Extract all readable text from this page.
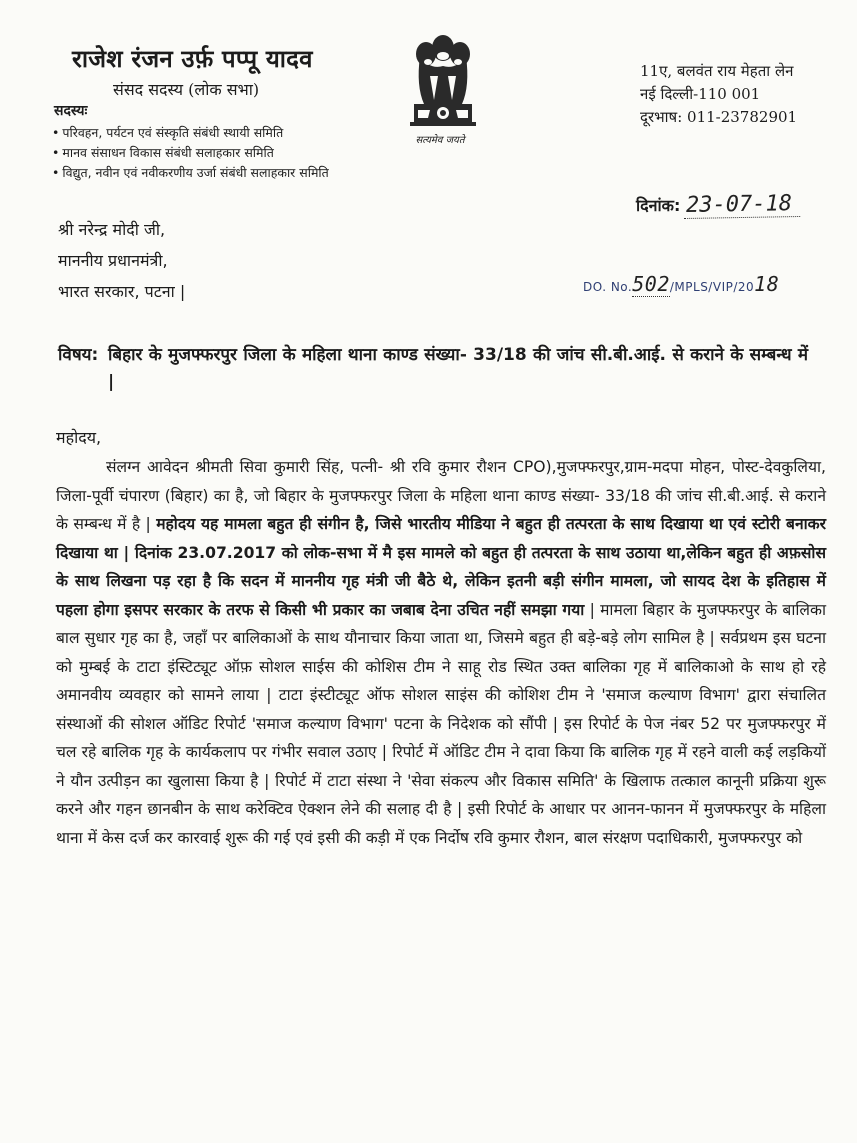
राजेश रंजन उर्फ़ पप्पू यादव
संसद सदस्य (लोक सभा)
सदस्यः
• परिवहन, पर्यटन एवं संस्कृति संबंधी स्थायी समिति
• मानव संसाधन विकास संबंधी सलाहकार समिति
• विद्युत, नवीन एवं नवीकरणीय उर्जा संबंधी सलाहकार समिति
सत्यमेव जयते
11ए, बलवंत राय मेहता लेन
नई दिल्ली-110 001
दूरभाष: 011-23782901
दिनांक: 23-07-18
श्री नरेन्द्र मोदी जी,
माननीय प्रधानमंत्री,
भारत सरकार, पटना |	DO. No.502/MPLS/VIP/2018
विषय: बिहार के मुजफ्फरपुर जिला के महिला थाना काण्ड संख्या- 33/18 की जांच सी.बी.आई. से कराने के सम्बन्ध में |
महोदय,

संलग्न आवेदन श्रीमती सिवा कुमारी सिंह, पत्नी- श्री रवि कुमार रौशन CPO),मुजफ्फरपुर,ग्राम-मदपा मोहन, पोस्ट-देवकुलिया, जिला-पूर्वी चंपारण (बिहार) का है, जो बिहार के मुजफ्फरपुर जिला के महिला थाना काण्ड संख्या- 33/18 की जांच सी.बी.आई. से कराने के सम्बन्ध में है | महोदय यह मामला बहुत ही संगीन है, जिसे भारतीय मीडिया ने बहुत ही तत्परता के साथ दिखाया था एवं स्टोरी बनाकर दिखाया था | दिनांक 23.07.2017 को लोक-सभा में मै इस मामले को बहुत ही तत्परता के साथ उठाया था,लेकिन बहुत ही अफ़सोस के साथ लिखना पड़ रहा है कि सदन में माननीय गृह मंत्री जी बैठे थे, लेकिन इतनी बड़ी संगीन मामला, जो सायद देश के इतिहास में पहला होगा इसपर सरकार के तरफ से किसी भी प्रकार का जबाब देना उचित नहीं समझा गया | मामला बिहार के मुजफ्फरपुर के बालिका बाल सुधार गृह का है, जहाँ पर बालिकाओं के साथ यौनाचार किया जाता था, जिसमे बहुत ही बड़े-बड़े लोग सामिल है | सर्वप्रथम इस घटना को मुम्बई के टाटा इंस्टिट्यूट ऑफ़ सोशल साईस की कोशिस टीम ने साहू रोड स्थित उक्त बालिका गृह में बालिकाओ के साथ हो रहे अमानवीय व्यवहार को सामने लाया | टाटा इंस्टीट्यूट ऑफ सोशल साइंस की कोशिश टीम ने 'समाज कल्याण विभाग' द्वारा संचालित संस्थाओं की सोशल ऑडिट रिपोर्ट 'समाज कल्याण विभाग' पटना के निदेशक को सौंपी | इस रिपोर्ट के पेज नंबर 52 पर मुजफ्फरपुर में चल रहे बालिक गृह के कार्यकलाप पर गंभीर सवाल उठाए | रिपोर्ट में ऑडिट टीम ने दावा किया कि बालिक गृह में रहने वाली कई लड़कियों ने यौन उत्पीड़न का खुलासा किया है | रिपोर्ट में टाटा संस्था ने 'सेवा संकल्प और विकास समिति' के खिलाफ तत्काल कानूनी प्रक्रिया शुरू करने और गहन छानबीन के साथ करेक्टिव ऐक्शन लेने की सलाह दी है | इसी रिपोर्ट के आधार पर आनन-फानन में मुजफ्फरपुर के महिला थाना में केस दर्ज कर कारवाई शुरू की गई एवं इसी की कड़ी में एक निर्दोष रवि कुमार रौशन, बाल संरक्षण पदाधिकारी, मुजफ्फरपुर को
